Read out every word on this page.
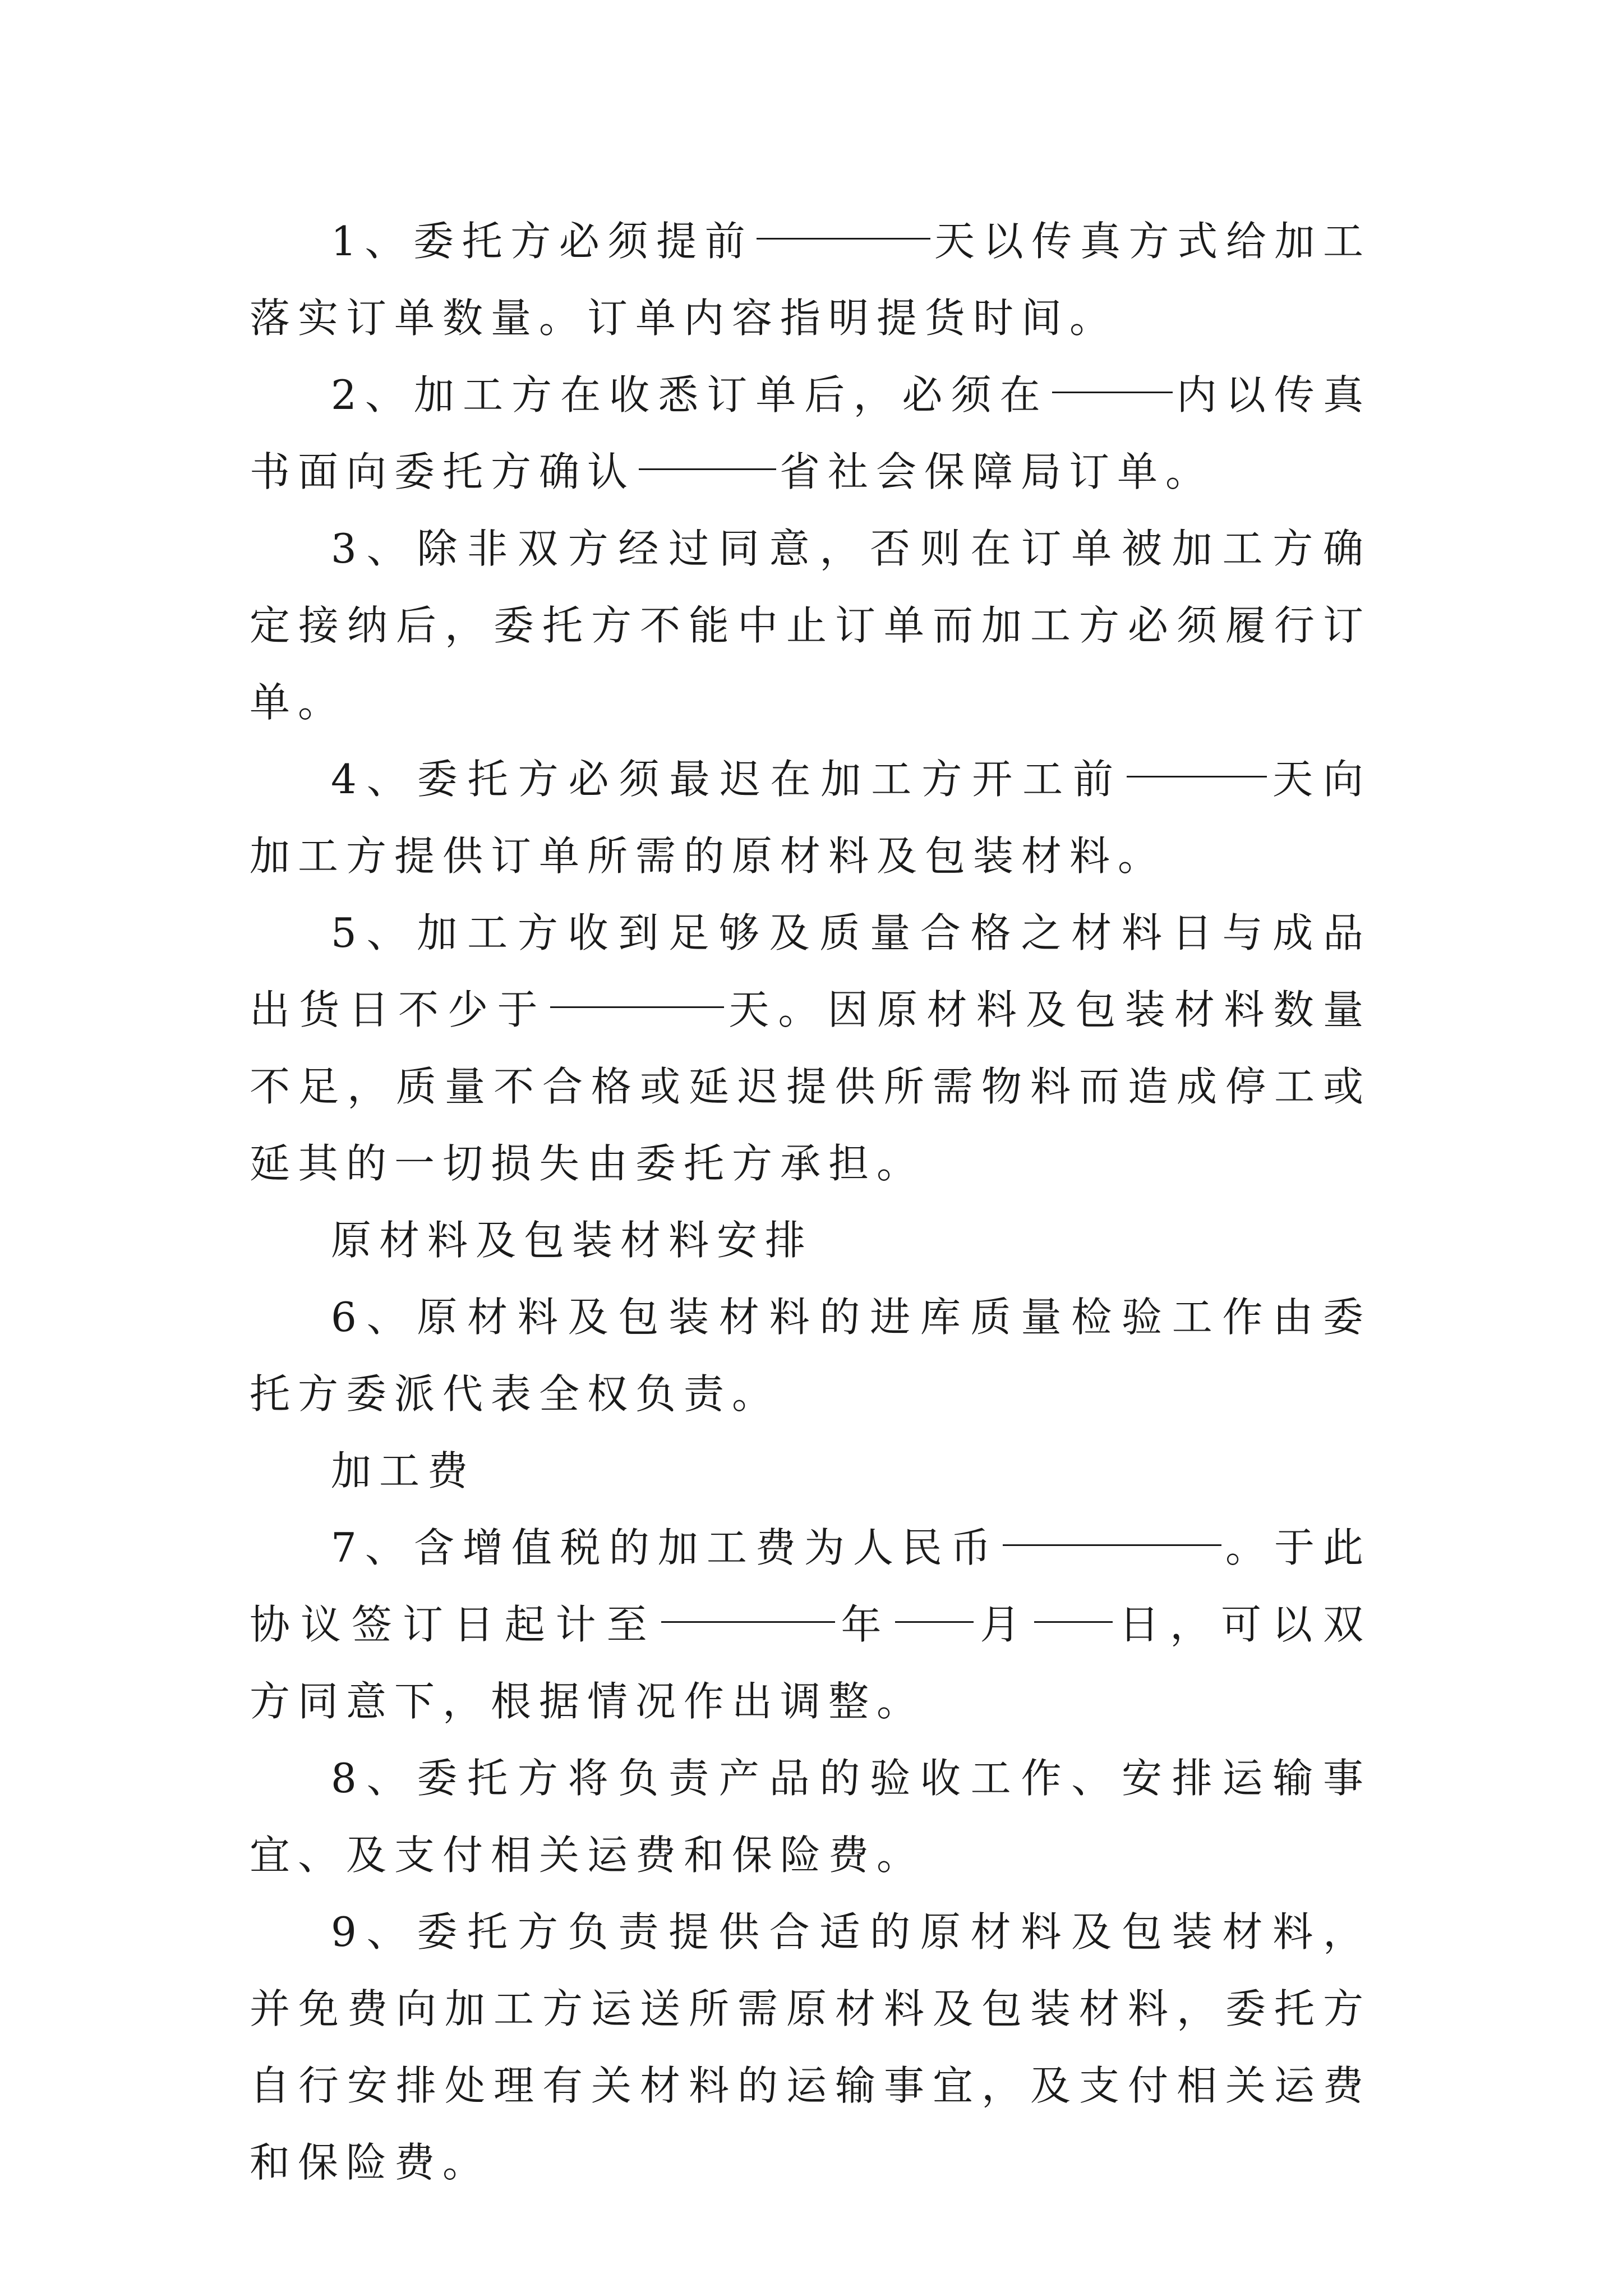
1、委托方必须提前	天以传真方式给加工落实订单数量。订单内容指明提货时间。

2、加工方在收悉订单后，必须在	内以传真书面向委托方确认	省社会保障局订单。

3、除非双方经过同意，否则在订单被加工方确定接纳后，委托方不能中止订单而加工方必须履行订单。

4、委托方必须最迟在加工方开工前	天向加工方提供订单所需的原材料及包装材料。

5、加工方收到足够及质量合格之材料日与成品出货日不少于	天。因原材料及包装材料数量不足，质量不合格或延迟提供所需物料而造成停工或延其的一切损失由委托方承担。

原材料及包装材料安排

6、原材料及包装材料的进库质量检验工作由委托方委派代表全权负责。

加工费

7、含增值税的加工费为人民币	。于此协议签订日起计至	年 月 日，可以双方同意下，根据情况作出调整。

8、委托方将负责产品的验收工作、安排运输事宜、及支付相关运费和保险费。

9、委托方负责提供合适的原材料及包装材料，并免费向加工方运送所需原材料及包装材料，委托方自行安排处理有关材料的运输事宜，及支付相关运费和保险费。
